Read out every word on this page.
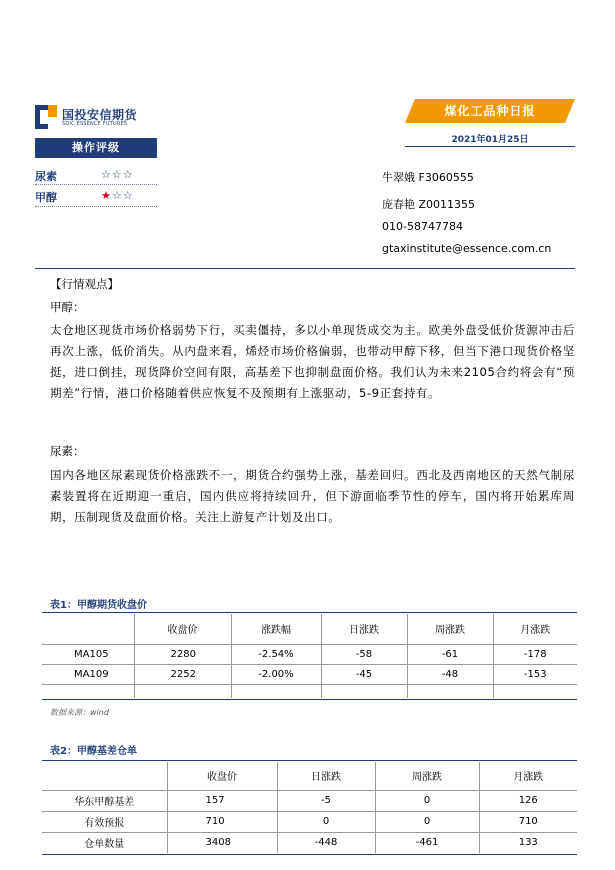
国投安信期货
SDIC ESSENCE FUTURES
煤化工品种日报
2021年01月25日
操作评级
尿素	☆☆☆
甲醇	★☆☆
牛翠娥 F3060555
庞春艳 Z0011355
010-58747784
gtaxinstitute@essence.com.cn
【行情观点】
甲醇：
太仓地区现货市场价格弱势下行，买卖僵持，多以小单现货成交为主。欧美外盘受低价货源冲击后再次上涨，低价消失。从内盘来看，烯烃市场价格偏弱，也带动甲醇下移，但当下港口现货价格坚挺，进口倒挂，现货降价空间有限，高基差下也抑制盘面价格。我们认为未来2105合约将会有“预期差”行情，港口价格随着供应恢复不及预期有上涨驱动，5-9正套持有。
尿素：
国内各地区尿素现货价格涨跌不一，期货合约强势上涨，基差回归。西北及西南地区的天然气制尿素装置将在近期迎一重启，国内供应将持续回升，但下游面临季节性的停车，国内将开始累库周期，压制现货及盘面价格。关注上游复产计划及出口。
表1：甲醇期货收盘价
	收盘价	涨跌幅	日涨跌	周涨跌	月涨跌
MA105	2280	-2.54%	-58	-61	-178
MA109	2252	-2.00%	-45	-48	-153

数据来源：wind
表2：甲醇基差仓单
	收盘价	日涨跌	周涨跌	月涨跌
华东甲醇基差	157	-5	0	126
有效预报	710	0	0	710
仓单数量	3408	-448	-461	133
